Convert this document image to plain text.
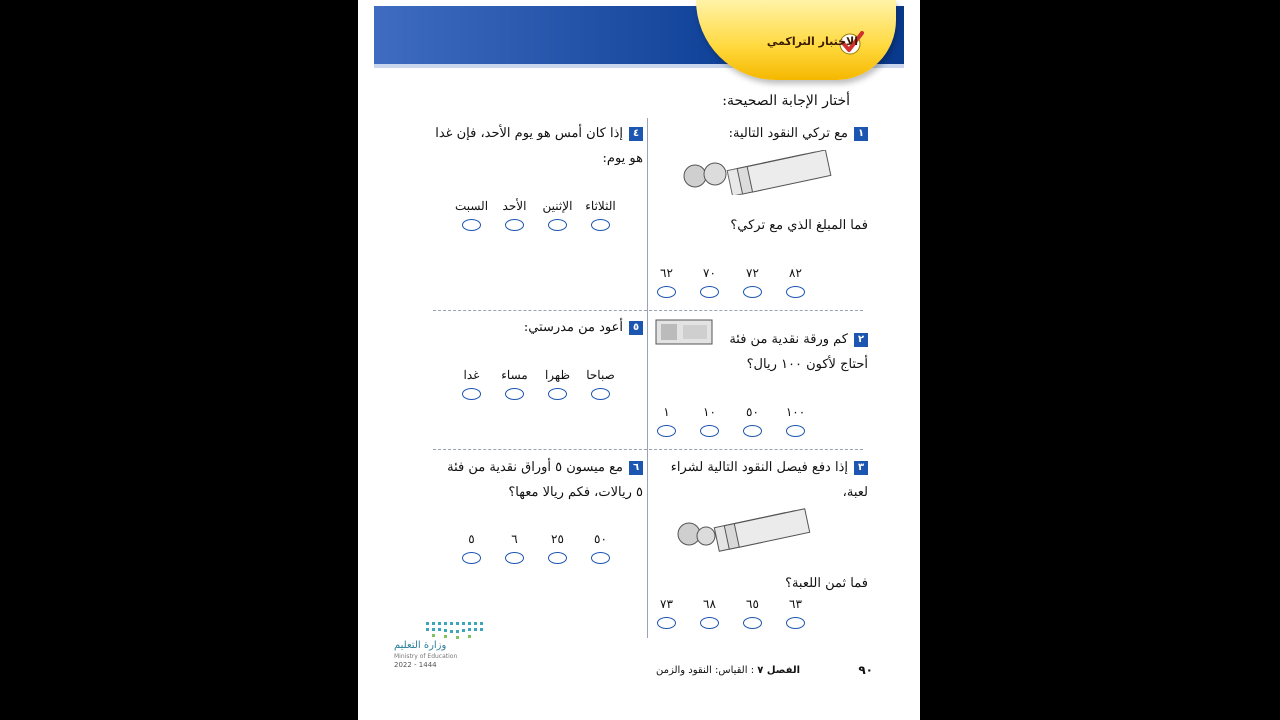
الاختبار التراكمي
أختار الإجابة الصحيحة:
١مع تركي النقود التالية:
فما المبلغ الذي مع تركي؟
٨٢
٧٢
٧٠
٦٢
٢كم ورقة نقدية من فئة
أحتاج لأكون ١٠٠ ريال؟
١٠٠
٥٠
١٠
١
٣إذا دفع فيصل النقود التالية لشراء
لعبة،
فما ثمن اللعبة؟
٦٣
٦٥
٦٨
٧٣
٤إذا كان أمس هو يوم الأحد، فإن غدا
هو يوم:
الثلاثاء
الإثنين
الأحد
السبت
٥أعود من مدرستي:
صباحا
ظهرا
مساء
غدا
٦مع ميسون ٥ أوراق نقدية من فئة
٥ ريالات، فكم ريالا معها؟
٥٠
٢٥
٦
٥
وزارة التعليم
Ministry of Education
2022 - 1444	الفصل ٧ : القياس: النقود والزمن	٩٠
